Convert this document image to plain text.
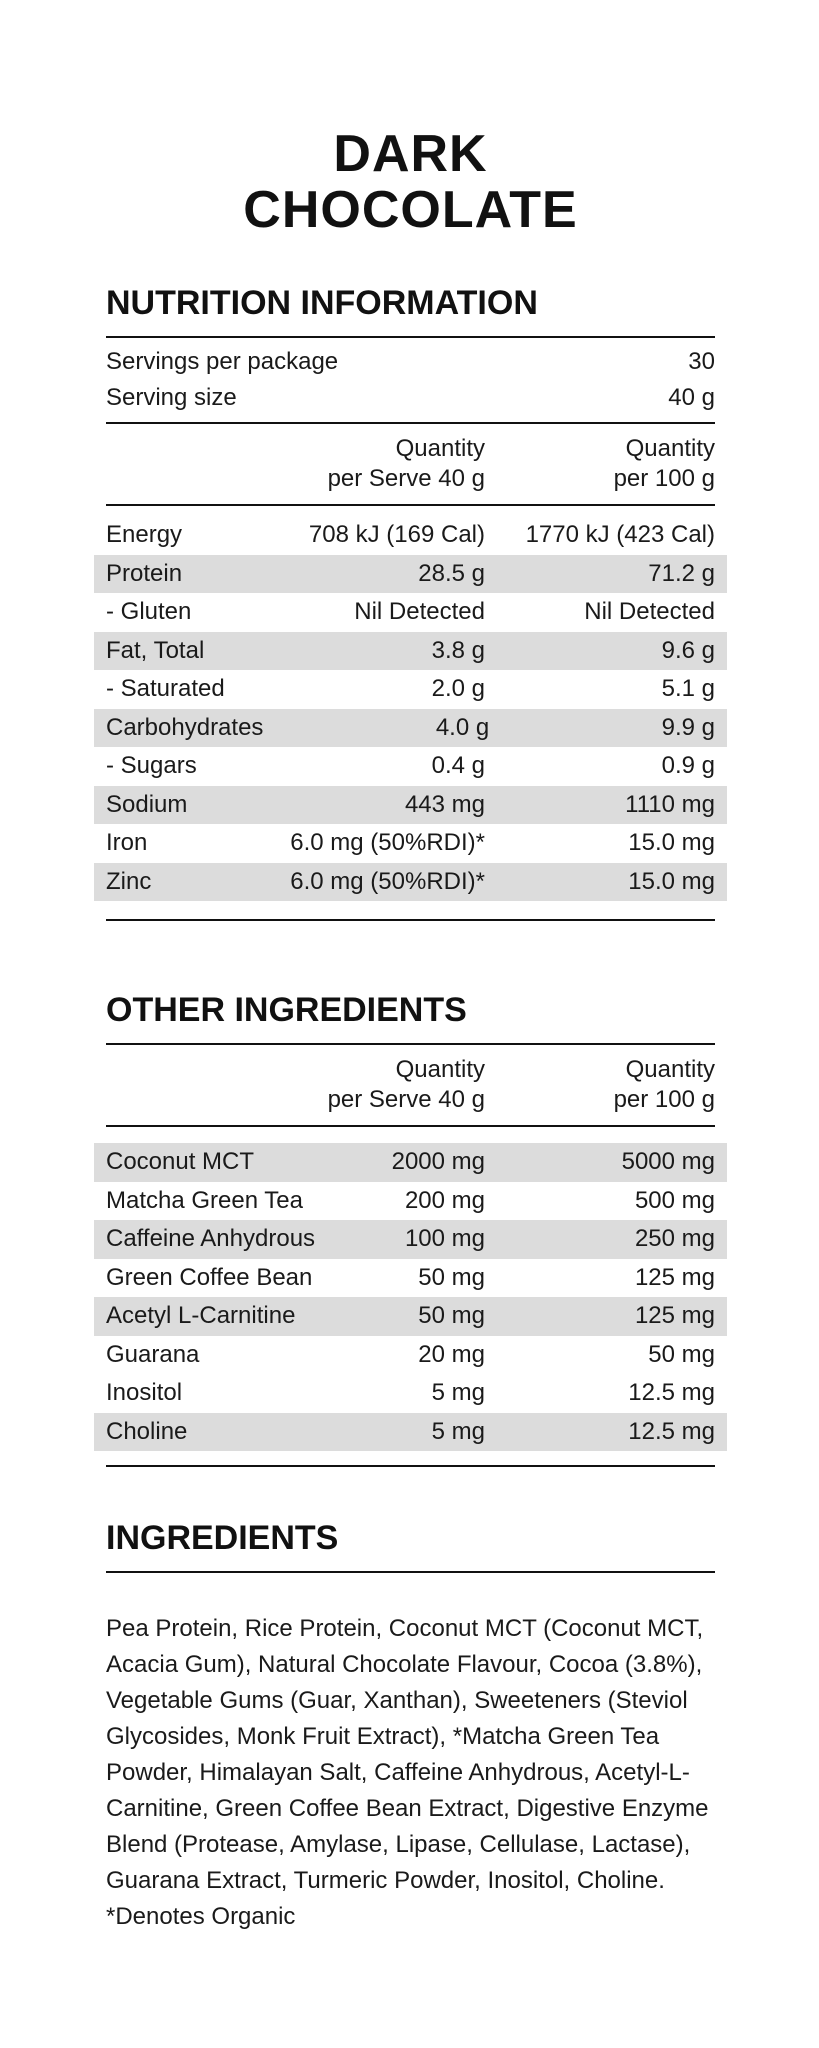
DARK
CHOCOLATE
NUTRITION INFORMATION
Servings per package	30
Serving size	40 g
Quantity
per Serve 40 g
Quantity
per 100 g
Energy	708 kJ (169 Cal)	1770 kJ (423 Cal)
Protein	28.5 g	71.2 g
- Gluten	Nil Detected	Nil Detected
Fat, Total	3.8 g	9.6 g
- Saturated	2.0 g	5.1 g
Carbohydrates	4.0 g	9.9 g
- Sugars	0.4 g	0.9 g
Sodium	443 mg	1110 mg
Iron	6.0 mg (50%RDI)*	15.0 mg
Zinc	6.0 mg (50%RDI)*	15.0 mg
OTHER INGREDIENTS
Quantity
per Serve 40 g
Quantity
per 100 g
Coconut MCT	2000 mg	5000 mg
Matcha Green Tea	200 mg	500 mg
Caffeine Anhydrous	100 mg	250 mg
Green Coffee Bean	50 mg	125 mg
Acetyl L-Carnitine	50 mg	125 mg
Guarana	20 mg	50 mg
Inositol	5 mg	12.5 mg
Choline	5 mg	12.5 mg
INGREDIENTS

Pea Protein, Rice Protein, Coconut MCT (Coconut MCT, Acacia Gum), Natural Chocolate Flavour, Cocoa (3.8%), Vegetable Gums (Guar, Xanthan), Sweeteners (Steviol Glycosides, Monk Fruit Extract), *Matcha Green Tea Powder, Himalayan Salt, Caffeine Anhydrous, Acetyl-L-Carnitine, Green Coffee Bean Extract, Digestive Enzyme Blend (Protease, Amylase, Lipase, Cellulase, Lactase), Guarana Extract, Turmeric Powder, Inositol, Choline. *Denotes Organic
